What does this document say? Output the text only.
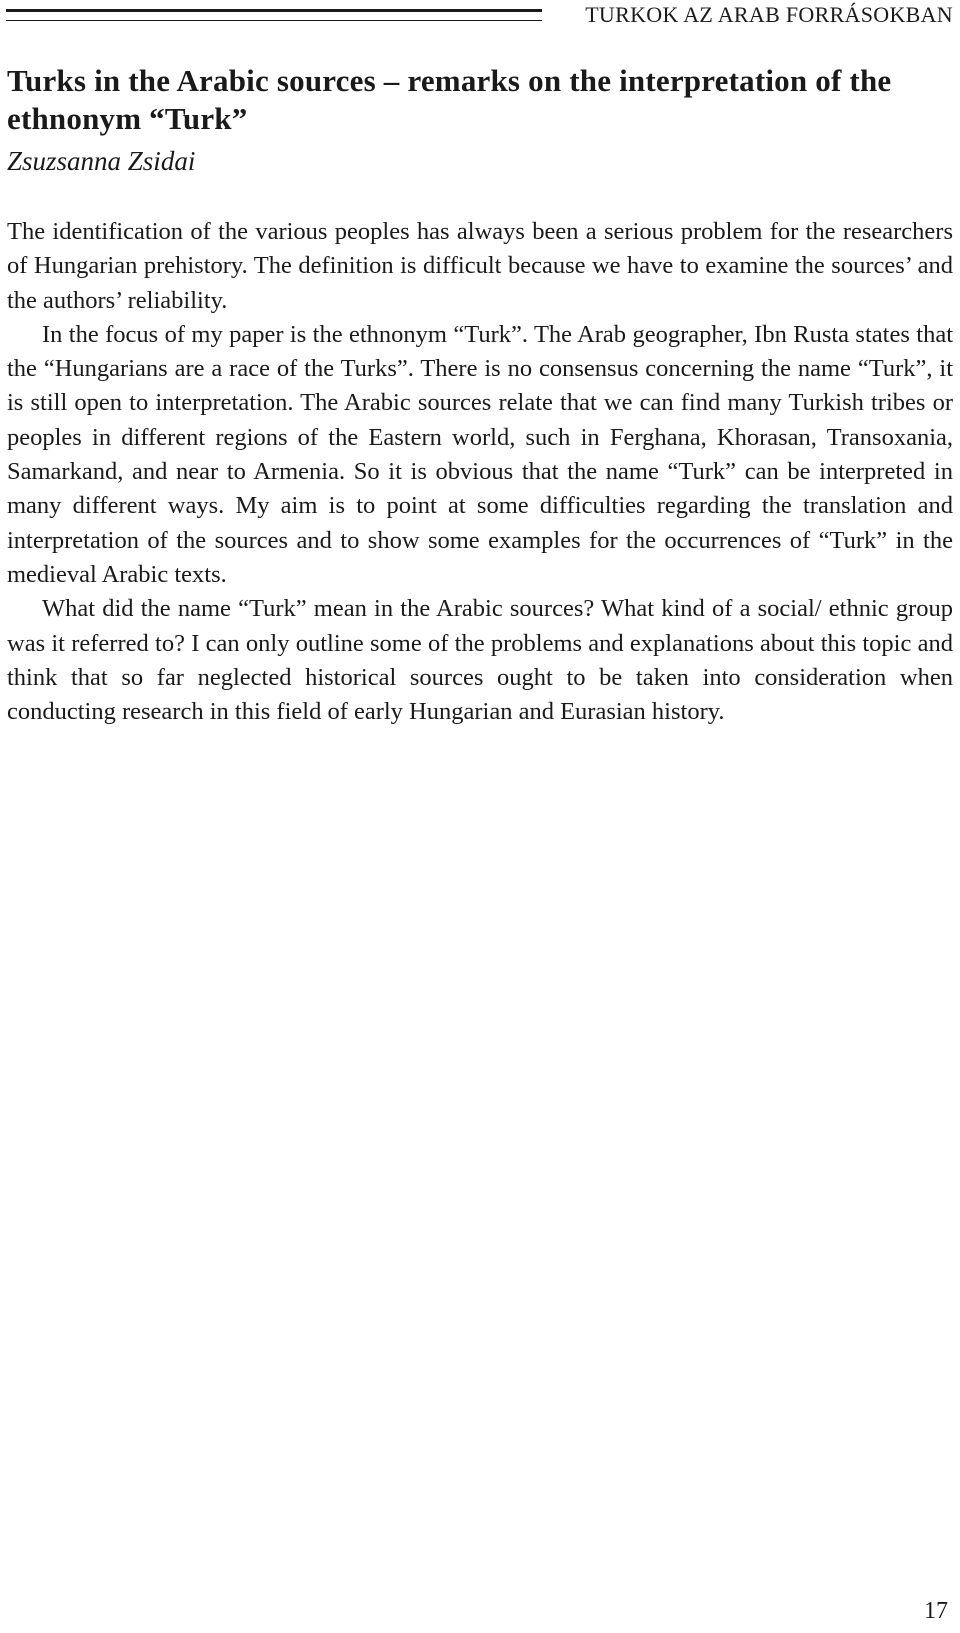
TURKOK AZ ARAB FORRÁSOKBAN
Turks in the Arabic sources – remarks on the interpretation of the ethnonym “Turk”
Zsuzsanna Zsidai

The identification of the various peoples has always been a serious problem for the researchers of Hungarian prehistory. The definition is difficult because we have to examine the sources’ and the authors’ reliability.

In the focus of my paper is the ethnonym “Turk”. The Arab geographer, Ibn Rusta states that the “Hungarians are a race of the Turks”. There is no consensus concerning the name “Turk”, it is still open to interpretation. The Arabic sources relate that we can find many Turkish tribes or peoples in different regions of the Eastern world, such in Ferghana, Khorasan, Transoxania, Samarkand, and near to Armenia. So it is obvious that the name “Turk” can be interpreted in many different ways. My aim is to point at some difficulties regarding the translation and interpretation of the sources and to show some examples for the occurrences of “Turk” in the medieval Arabic texts.

What did the name “Turk” mean in the Arabic sources? What kind of a social/ ethnic group was it referred to? I can only outline some of the problems and explanations about this topic and think that so far neglected historical sources ought to be taken into consideration when conducting research in this field of early Hungarian and Eurasian history.

17
